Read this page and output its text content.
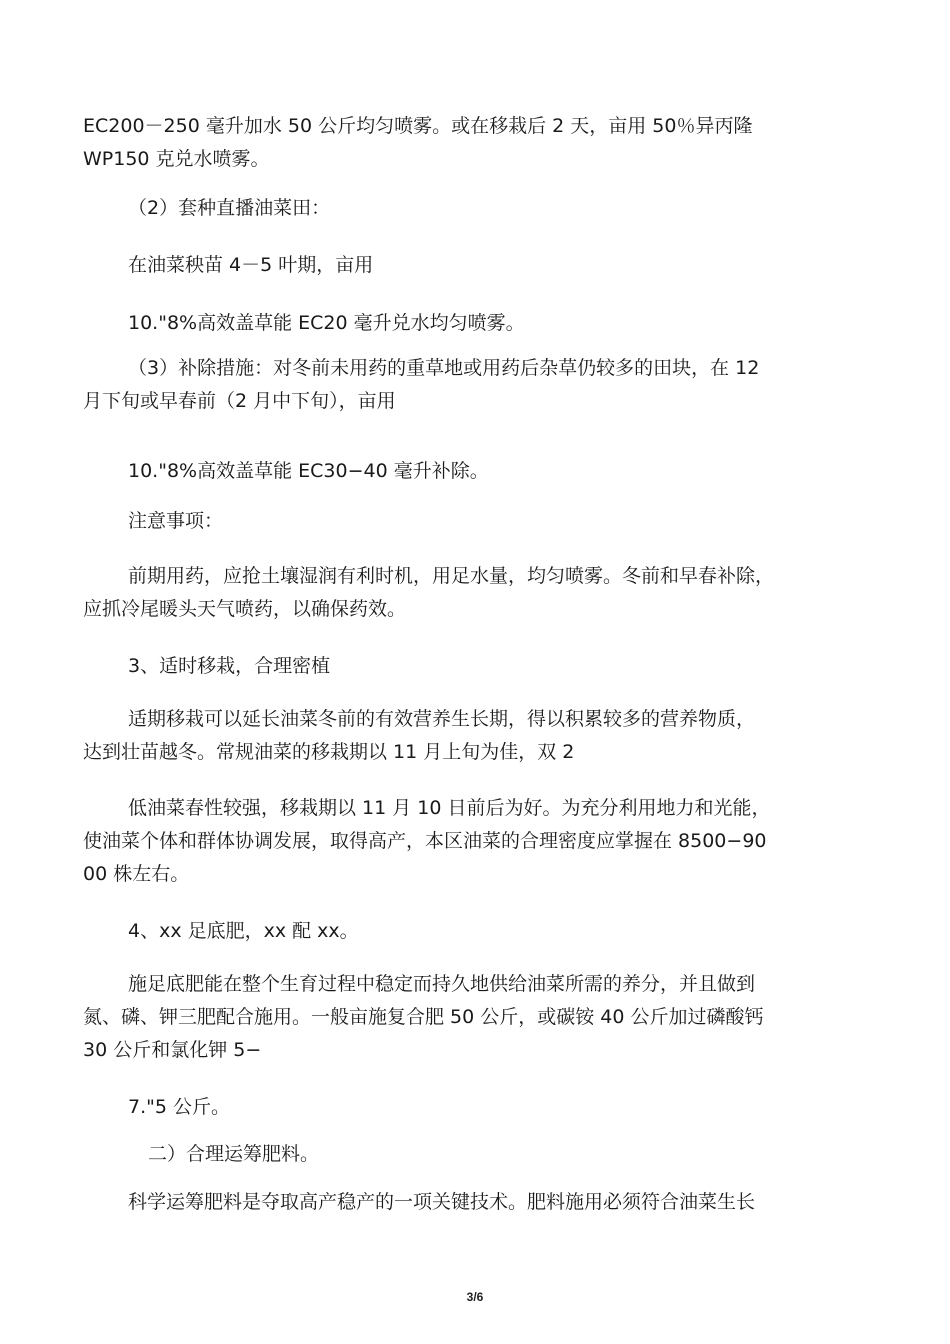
EC200－250 毫升加水 50 公斤均匀喷雾。或在移栽后 2 天，亩用 50％异丙隆
WP150 克兑水喷雾。

（2）套种直播油菜田：

在油菜秧苗 4－5 叶期，亩用

10."8%高效盖草能 EC20 毫升兑水均匀喷雾。

（3）补除措施：对冬前未用药的重草地或用药后杂草仍较多的田块，在 12
月下旬或早春前（2 月中下旬），亩用

10."8%高效盖草能 EC30−40 毫升补除。

注意事项：

前期用药，应抢土壤湿润有利时机，用足水量，均匀喷雾。冬前和早春补除，
应抓冷尾暖头天气喷药，以确保药效。

3、适时移栽，合理密植

适期移栽可以延长油菜冬前的有效营养生长期，得以积累较多的营养物质，
达到壮苗越冬。常规油菜的移栽期以 11 月上旬为佳，双 2

低油菜春性较强，移栽期以 11 月 10 日前后为好。为充分利用地力和光能，
使油菜个体和群体协调发展，取得高产，本区油菜的合理密度应掌握在 8500−90
00 株左右。

4、xx 足底肥，xx 配 xx。

施足底肥能在整个生育过程中稳定而持久地供给油菜所需的养分，并且做到
氮、磷、钾三肥配合施用。一般亩施复合肥 50 公斤，或碳铵 40 公斤加过磷酸钙
30 公斤和氯化钾 5−

7."5 公斤。

二）合理运筹肥料。

科学运筹肥料是夺取高产稳产的一项关键技术。肥料施用必须符合油菜生长

3/6
